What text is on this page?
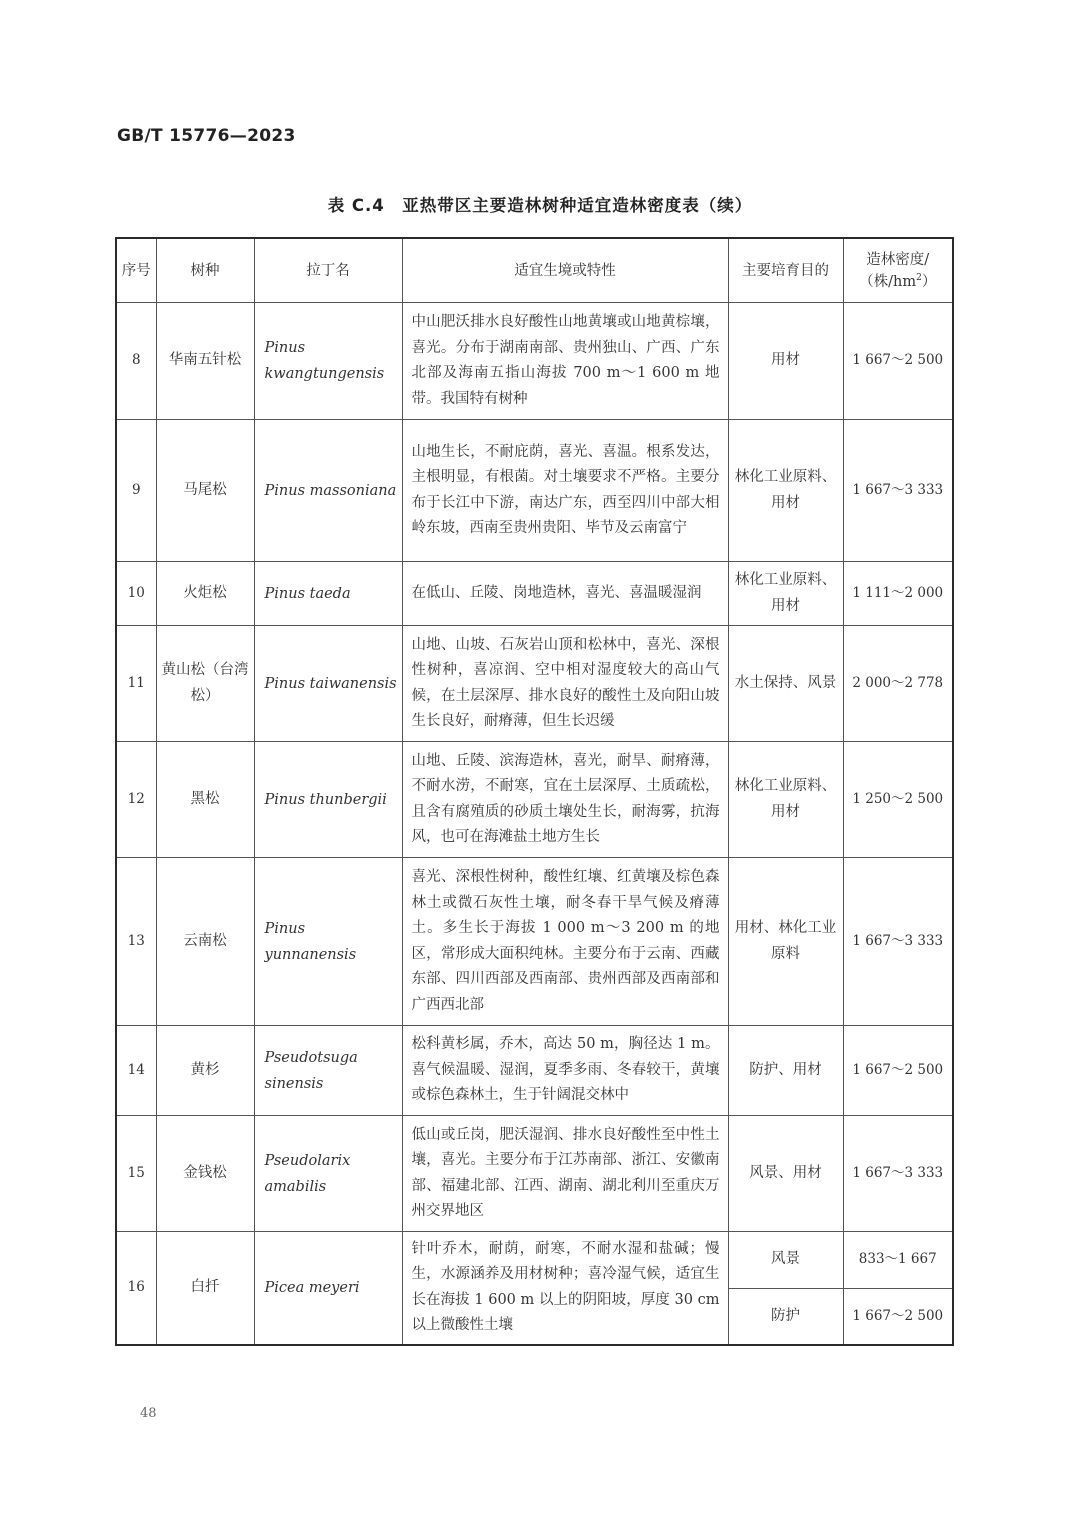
GB/T 15776—2023
表 C.4　亚热带区主要造林树种适宜造林密度表（续）
序号	树种	拉丁名	适宜生境或特性	主要培育目的	造林密度/
（株$/hm^2$）
8	华南五针松	Pinus kwangtungensis	中山肥沃排水良好酸性山地黄壤或山地黄棕壤，喜光。分布于湖南南部、贵州独山、广西、广东北部及海南五指山海拔 700 m～1 600 m 地带。我国特有树种	用材	1 667～2 500
9	马尾松	Pinus massoniana	山地生长，不耐庇荫，喜光、喜温。根系发达，主根明显，有根菌。对土壤要求不严格。主要分布于长江中下游，南达广东，西至四川中部大相岭东坡，西南至贵州贵阳、毕节及云南富宁	林化工业原料、用材	1 667～3 333
10	火炬松	Pinus taeda	在低山、丘陵、岗地造林，喜光、喜温暖湿润	林化工业原料、用材	1 111～2 000
11	黄山松（台湾松）	Pinus taiwanensis	山地、山坡、石灰岩山顶和松林中，喜光、深根性树种，喜凉润、空中相对湿度较大的高山气候，在土层深厚、排水良好的酸性土及向阳山坡生长良好，耐瘠薄，但生长迟缓	水土保持、风景	2 000～2 778
12	黑松	Pinus thunbergii	山地、丘陵、滨海造林，喜光，耐旱、耐瘠薄，不耐水涝，不耐寒，宜在土层深厚、土质疏松，且含有腐殖质的砂质土壤处生长，耐海雾，抗海风，也可在海滩盐土地方生长	林化工业原料、用材	1 250～2 500
13	云南松	Pinus yunnanensis	喜光、深根性树种，酸性红壤、红黄壤及棕色森林土或微石灰性土壤，耐冬春干旱气候及瘠薄土。多生长于海拔 1 000 m～3 200 m 的地区，常形成大面积纯林。主要分布于云南、西藏东部、四川西部及西南部、贵州西部及西南部和广西西北部	用材、林化工业原料	1 667～3 333
14	黄杉	Pseudotsuga sinensis	松科黄杉属，乔木，高达 50 m，胸径达 1 m。喜气候温暖、湿润，夏季多雨、冬春较干，黄壤或棕色森林土，生于针阔混交林中	防护、用材	1 667～2 500
15	金钱松	Pseudolarix amabilis	低山或丘岗，肥沃湿润、排水良好酸性至中性土壤，喜光。主要分布于江苏南部、浙江、安徽南部、福建北部、江西、湖南、湖北利川至重庆万州交界地区	风景、用材	1 667～3 333
16	白扦	Picea meyeri	针叶乔木，耐荫，耐寒，不耐水湿和盐碱；慢生，水源涵养及用材树种；喜冷湿气候，适宜生长在海拔 1 600 m 以上的阴阳坡，厚度 30 cm 以上微酸性土壤	风景	833～1 667
				防护	1 667～2 500
48
